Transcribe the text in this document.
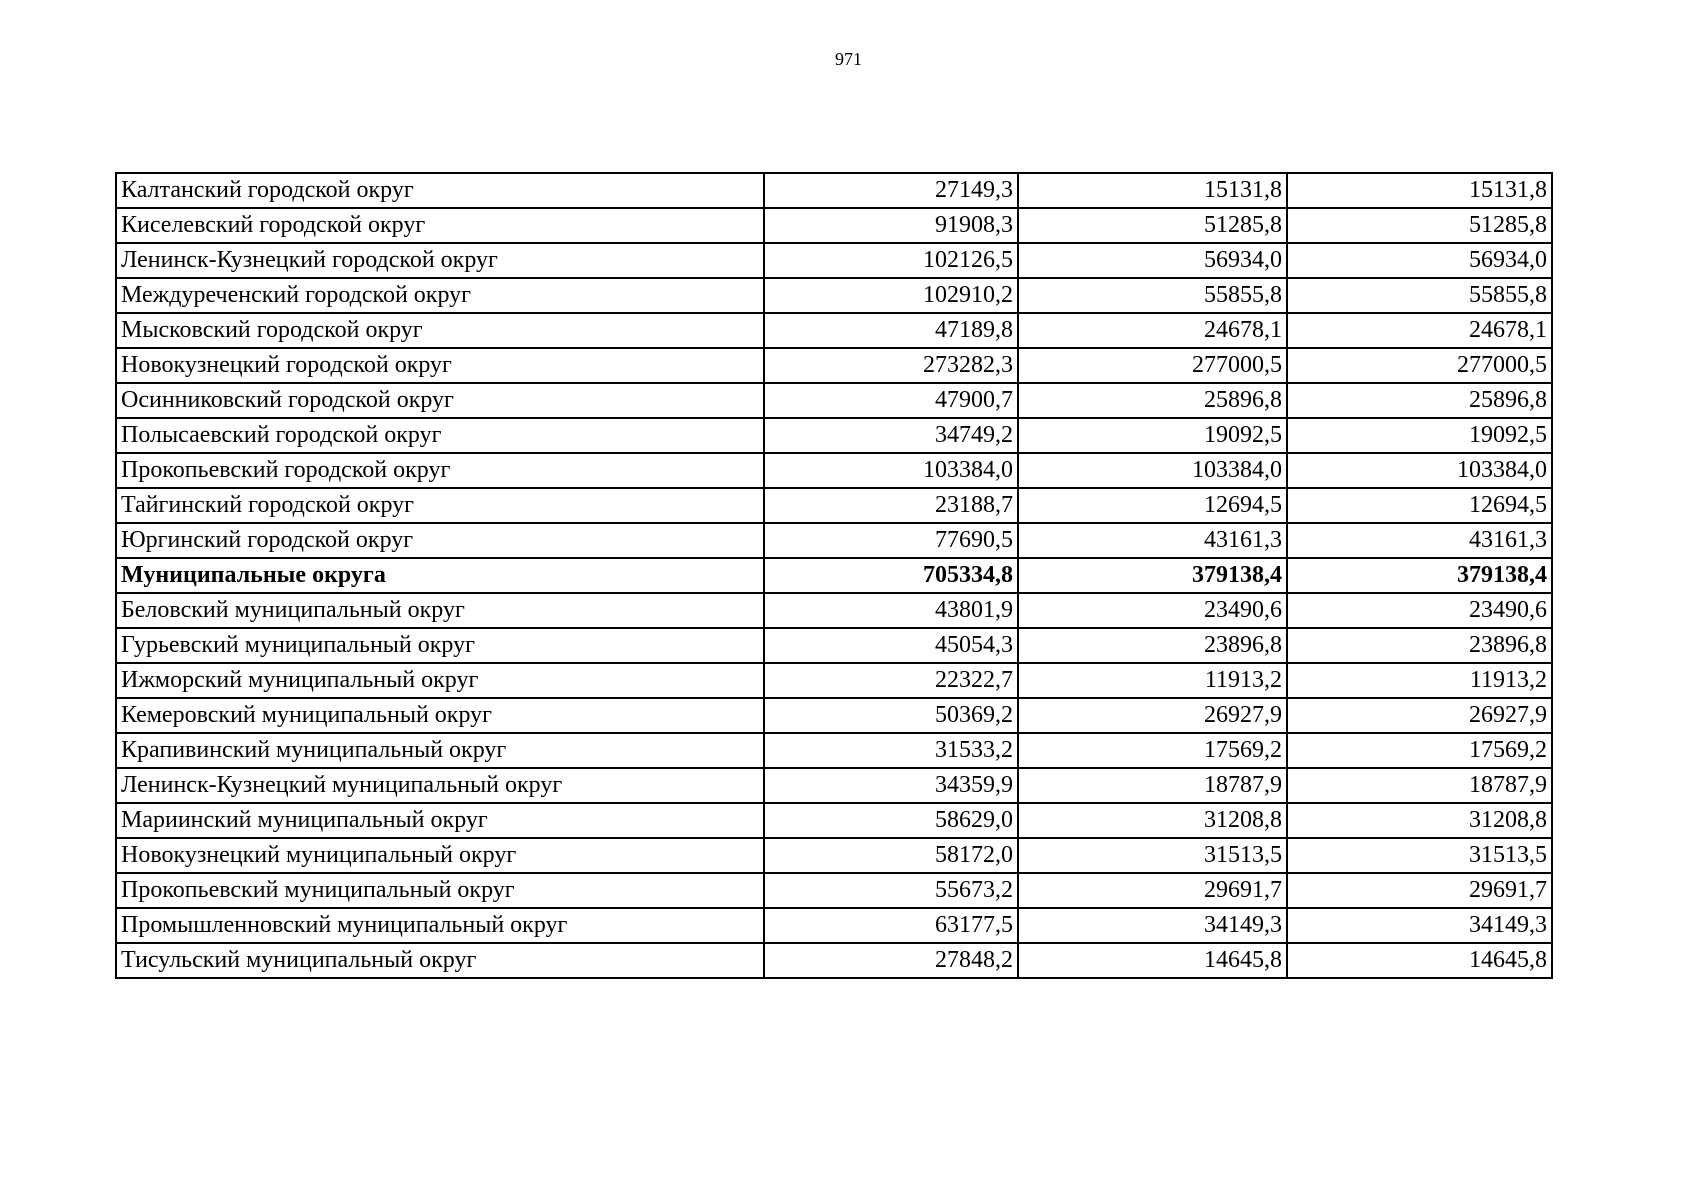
971
Калтанский городской округ	27149,3	15131,8	15131,8
Киселевский городской округ	91908,3	51285,8	51285,8
Ленинск-Кузнецкий городской округ	102126,5	56934,0	56934,0
Междуреченский городской округ	102910,2	55855,8	55855,8
Мысковский городской округ	47189,8	24678,1	24678,1
Новокузнецкий городской округ	273282,3	277000,5	277000,5
Осинниковский городской округ	47900,7	25896,8	25896,8
Полысаевский городской округ	34749,2	19092,5	19092,5
Прокопьевский городской округ	103384,0	103384,0	103384,0
Тайгинский городской округ	23188,7	12694,5	12694,5
Юргинский городской округ	77690,5	43161,3	43161,3
Муниципальные округа	705334,8	379138,4	379138,4
Беловский муниципальный округ	43801,9	23490,6	23490,6
Гурьевский муниципальный округ	45054,3	23896,8	23896,8
Ижморский муниципальный округ	22322,7	11913,2	11913,2
Кемеровский муниципальный округ	50369,2	26927,9	26927,9
Крапивинский муниципальный округ	31533,2	17569,2	17569,2
Ленинск-Кузнецкий муниципальный округ	34359,9	18787,9	18787,9
Мариинский муниципальный округ	58629,0	31208,8	31208,8
Новокузнецкий муниципальный округ	58172,0	31513,5	31513,5
Прокопьевский муниципальный округ	55673,2	29691,7	29691,7
Промышленновский муниципальный округ	63177,5	34149,3	34149,3
Тисульский муниципальный округ	27848,2	14645,8	14645,8
